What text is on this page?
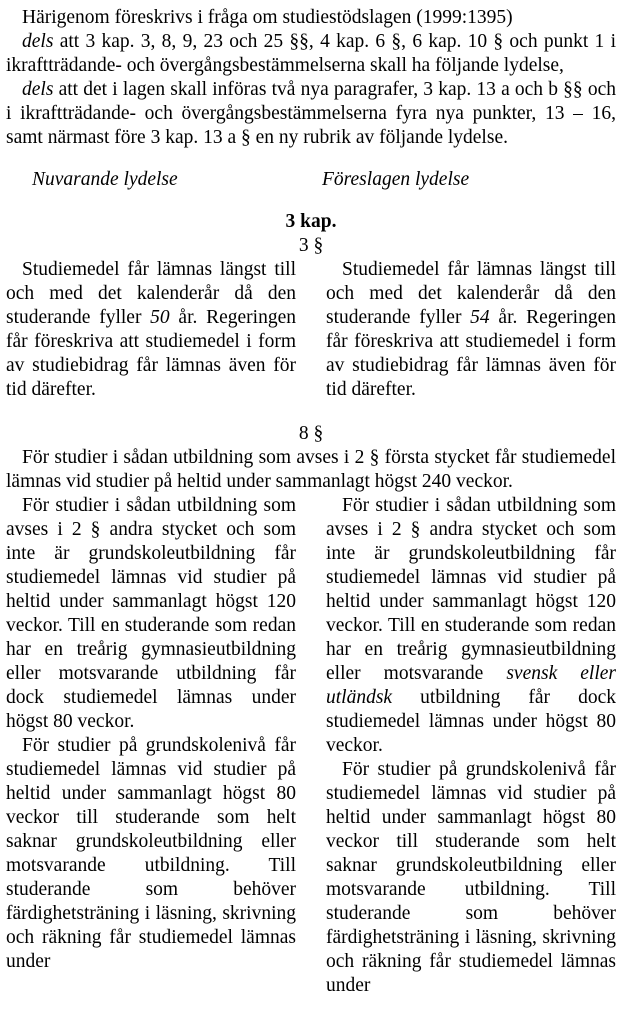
Härigenom föreskrivs i fråga om studiestödslagen (1999:1395)

dels att 3 kap. 3, 8, 9, 23 och 25 §§, 4 kap. 6 §, 6 kap. 10 § och punkt 1 i ikraftträdande- och övergångsbestämmelserna skall ha följande lydelse,

dels att det i lagen skall införas två nya paragrafer, 3 kap. 13 a och b §§ och i ikraftträdande- och övergångsbestämmelserna fyra nya punkter, 13 – 16, samt närmast före 3 kap. 13 a § en ny rubrik av följande lydelse.

Nuvarande lydelse	Föreslagen lydelse
3 kap.
3 §

Studiemedel får lämnas längst till och med det kalenderår då den studerande fyller 50 år. Regeringen får föreskriva att studiemedel i form av studiebidrag får lämnas även för tid därefter.

Studiemedel får lämnas längst till och med det kalenderår då den studerande fyller 54 år. Regeringen får föreskriva att studiemedel i form av studiebidrag får lämnas även för tid därefter.

8 §

För studier i sådan utbildning som avses i 2 § första stycket får studiemedel lämnas vid studier på heltid under sammanlagt högst 240 veckor.

För studier i sådan utbildning som avses i 2 § andra stycket och som inte är grundskoleutbildning får studiemedel lämnas vid studier på heltid under sammanlagt högst 120 veckor. Till en studerande som redan har en treårig gymnasieutbildning eller motsvarande utbildning får dock studiemedel lämnas under högst 80 veckor.

För studier på grundskolenivå får studiemedel lämnas vid studier på heltid under sammanlagt högst 80 veckor till studerande som helt saknar grundskoleutbildning eller motsvarande utbildning. Till studerande som behöver färdighetsträning i läsning, skrivning och räkning får studiemedel lämnas under

För studier i sådan utbildning som avses i 2 § andra stycket och som inte är grundskoleutbildning får studiemedel lämnas vid studier på heltid under sammanlagt högst 120 veckor. Till en studerande som redan har en treårig gymnasieutbildning eller motsvarande svensk eller utländsk utbildning får dock studiemedel lämnas under högst 80 veckor.

För studier på grundskolenivå får studiemedel lämnas vid studier på heltid under sammanlagt högst 80 veckor till studerande som helt saknar grundskoleutbildning eller motsvarande utbildning. Till studerande som behöver färdighetsträning i läsning, skrivning och räkning får studiemedel lämnas under
